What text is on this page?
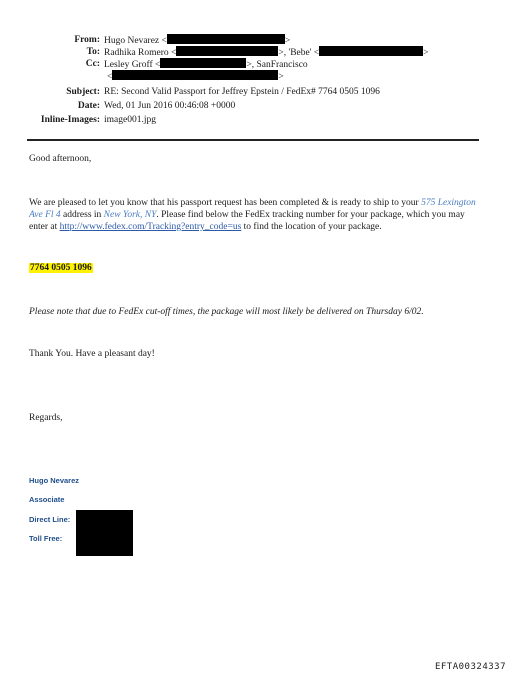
From: Hugo Nevarez <	>
To: Radhika Romero <	>, 'Bebe' <	>
Cc: Lesley Groff <	>, SanFrancisco
<	>
Subject: RE: Second Valid Passport for Jeffrey Epstein / FedEx# 7764 0505 1096
Date: Wed, 01 Jun 2016 00:46:08 +0000
Inline-Images: image001.jpg
Good afternoon,
We are pleased to let you know that his passport request has been completed & is ready to ship to your 575 Lexington Ave Fl 4 address in New York, NY. Please find below the FedEx tracking number for your package, which you may enter at http://www.fedex.com/Tracking?entry_code=us to find the location of your package.
7764 0505 1096
Please note that due to FedEx cut-off times, the package will most likely be delivered on Thursday 6/02.
Thank You. Have a pleasant day!
Regards,
Hugo Nevarez
Associate
Direct Line:
Toll Free:
EFTA00324337
